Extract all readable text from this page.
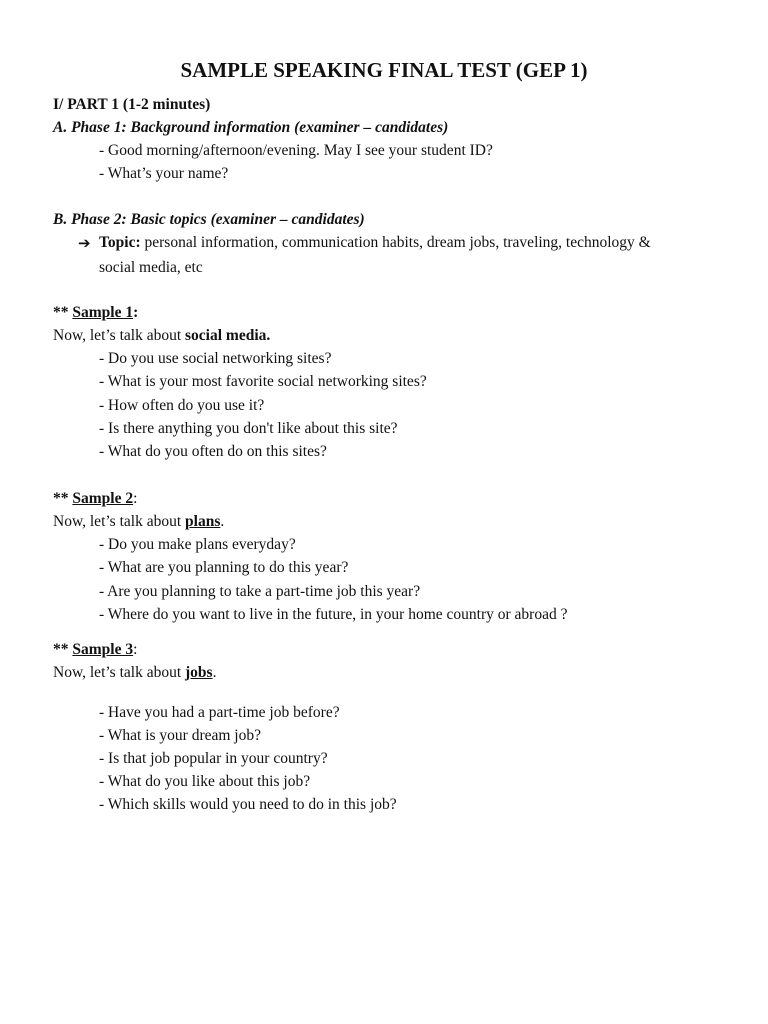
SAMPLE SPEAKING FINAL TEST (GEP 1)

I/ PART 1 (1-2 minutes)

A. Phase 1: Background information (examiner – candidates)

- Good morning/afternoon/evening. May I see your student ID?

- What’s your name?

B. Phase 2: Basic topics (examiner – candidates)

➔ Topic: personal information, communication habits, dream jobs, traveling, technology &

social media, etc

** Sample 1:

Now, let’s talk about social media.

- Do you use social networking sites?

- What is your most favorite social networking sites?

- How often do you use it?

- Is there anything you don't like about this site?

- What do you often do on this sites?

** Sample 2:

Now, let’s talk about plans.

- Do you make plans everyday?

- What are you planning to do this year?

- Are you planning to take a part-time job this year?

- Where do you want to live in the future, in your home country or abroad ?

** Sample 3:

Now, let’s talk about jobs.

- Have you had a part-time job before?

- What is your dream job?

- Is that job popular in your country?

- What do you like about this job?

- Which skills would you need to do in this job?
